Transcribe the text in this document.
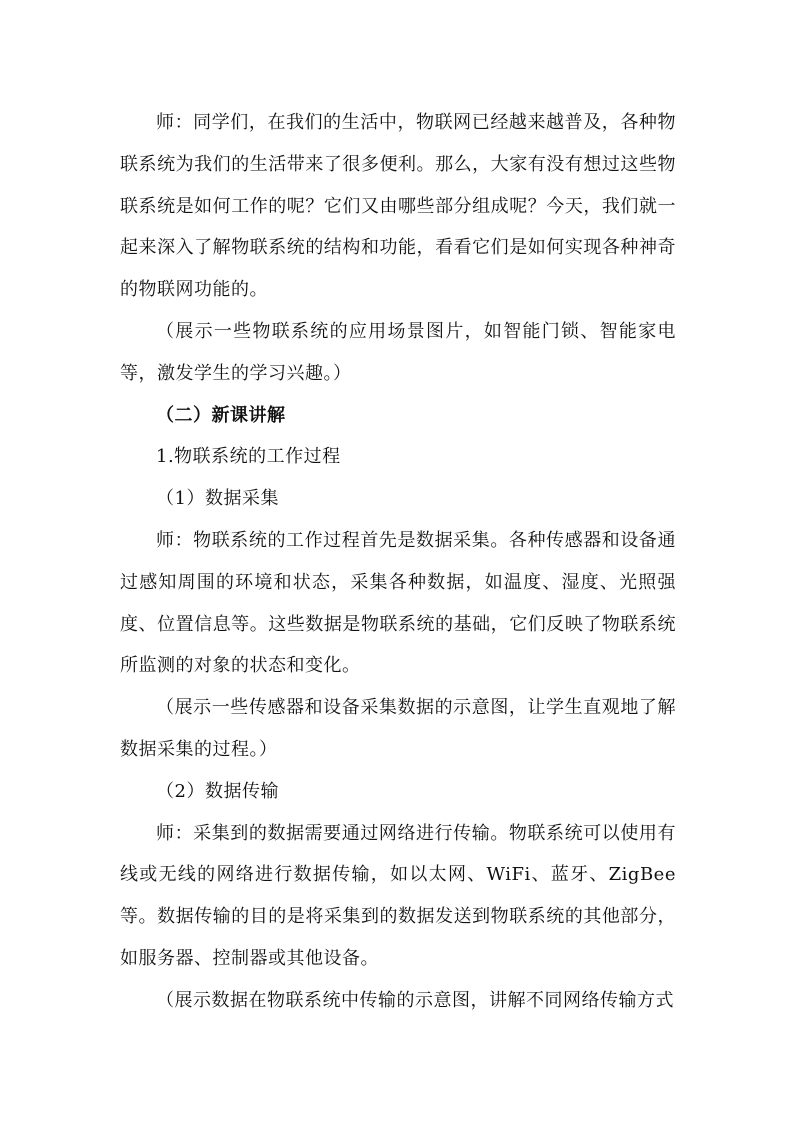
师：同学们，在我们的生活中，物联网已经越来越普及，各种物联系统为我们的生活带来了很多便利。那么，大家有没有想过这些物联系统是如何工作的呢？它们又由哪些部分组成呢？今天，我们就一起来深入了解物联系统的结构和功能，看看它们是如何实现各种神奇的物联网功能的。

（展示一些物联系统的应用场景图片，如智能门锁、智能家电等，激发学生的学习兴趣。）

（二）新课讲解

1.物联系统的工作过程

（1）数据采集

师：物联系统的工作过程首先是数据采集。各种传感器和设备通过感知周围的环境和状态，采集各种数据，如温度、湿度、光照强度、位置信息等。这些数据是物联系统的基础，它们反映了物联系统所监测的对象的状态和变化。

（展示一些传感器和设备采集数据的示意图，让学生直观地了解数据采集的过程。）

（2）数据传输

师：采集到的数据需要通过网络进行传输。物联系统可以使用有线或无线的网络进行数据传输，如以太网、WiFi、蓝牙、ZigBee等。数据传输的目的是将采集到的数据发送到物联系统的其他部分，如服务器、控制器或其他设备。

（展示数据在物联系统中传输的示意图，讲解不同网络传输方式
